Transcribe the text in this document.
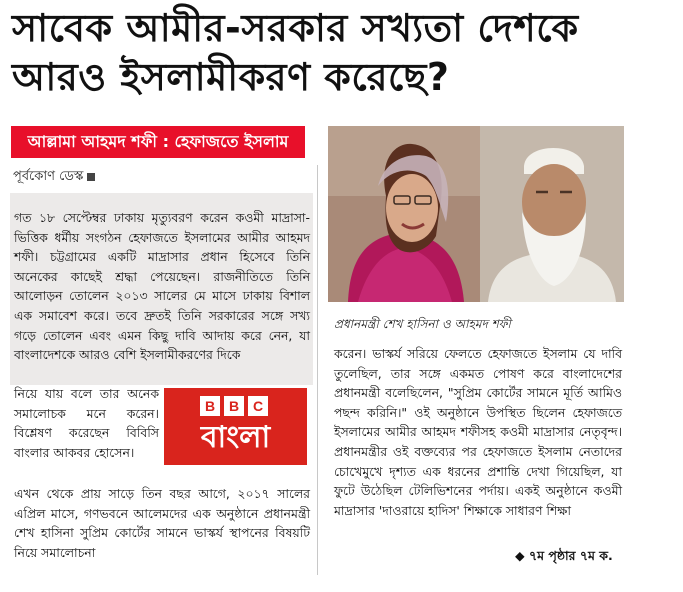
সাবেক আমীর-সরকার সখ্যতা দেশকে
আরও ইসলামীকরণ করেছে?
আল্লামা আহমদ শফী : হেফাজতে ইসলাম
পূর্বকোণ ডেস্ক

গত ১৮ সেপ্টেম্বর ঢাকায় মৃত্যুবরণ করেন কওমী মাদ্রাসা-ভিত্তিক ধর্মীয় সংগঠন হেফাজতে ইসলামের আমীর আহমদ শফী। চট্টগ্রামের একটি মাদ্রাসার প্রধান হিসেবে তিনি অনেকের কাছেই শ্রদ্ধা পেয়েছেন। রাজনীতিতে তিনি আলোড়ন তোলেন ২০১৩ সালের মে মাসে ঢাকায় বিশাল এক সমাবেশ করে। তবে দ্রুতই তিনি সরকারের সঙ্গে সখ্য গড়ে তোলেন এবং এমন কিছু দাবি আদায় করে নেন, যা বাংলাদেশকে আরও বেশি ইসলামীকরণের দিকে

নিয়ে যায় বলে তার অনেক সমালোচক মনে করেন। বিশ্লেষণ করেছেন বিবিসি বাংলার আকবর হোসেন।

B B C
বাংলা

এখন থেকে প্রায় সাড়ে তিন বছর আগে, ২০১৭ সালের এপ্রিল মাসে, গণভবনে আলেমদের এক অনুষ্ঠানে প্রধানমন্ত্রী শেখ হাসিনা সুপ্রিম কোর্টের সামনে ভাস্কর্য স্থাপনের বিষয়টি নিয়ে সমালোচনা

প্রধানমন্ত্রী শেখ হাসিনা ও আহমদ শফী

করেন। ভাস্কর্য সরিয়ে ফেলতে হেফাজতে ইসলাম যে দাবি তুলেছিল, তার সঙ্গে একমত পোষণ করে বাংলাদেশের প্রধানমন্ত্রী বলেছিলেন, "সুপ্রিম কোর্টের সামনে মূর্তি আমিও পছন্দ করিনি।" ওই অনুষ্ঠানে উপস্থিত ছিলেন হেফাজতে ইসলামের আমীর আহমদ শফীসহ কওমী মাদ্রাসার নেতৃবৃন্দ। প্রধানমন্ত্রীর ওই বক্তব্যের পর হেফাজতে ইসলাম নেতাদের চোখেমুখে দৃশ্যত এক ধরনের প্রশান্তি দেখা গিয়েছিল, যা ফুটে উঠেছিল টেলিভিশনের পর্দায়। একই অনুষ্ঠানে কওমী মাদ্রাসার 'দাওরায়ে হাদিস' শিক্ষাকে সাধারণ শিক্ষা

◆ ৭ম পৃষ্ঠার ৭ম ক.
